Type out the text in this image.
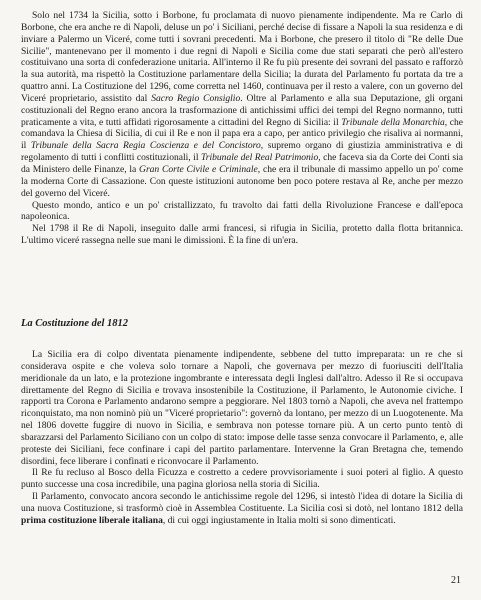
Solo nel 1734 la Sicilia, sotto i Borbone, fu proclamata di nuovo pienamente indipendente. Ma re Carlo di Borbone, che era anche re di Napoli, deluse un po' i Siciliani, perché decise di fissare a Napoli la sua residenza e di inviare a Palermo un Viceré, come tutti i sovrani precedenti. Ma i Borbone, che presero il titolo di "Re delle Due Sicilie", mantenevano per il momento i due regni di Napoli e Sicilia come due stati separati che però all'estero costituivano una sorta di confederazione unitaria. All'interno il Re fu più presente dei sovrani del passato e rafforzò la sua autorità, ma rispettò la Costituzione parlamentare della Sicilia; la durata del Parlamento fu portata da tre a quattro anni. La Costituzione del 1296, come corretta nel 1460, continuava per il resto a valere, con un governo del Viceré proprietario, assistito dal Sacro Regio Consiglio. Oltre al Parlamento e alla sua Deputazione, gli organi costituzionali del Regno erano ancora la trasformazione di antichissimi uffici dei tempi del Regno normanno, tutti praticamente a vita, e tutti affidati rigorosamente a cittadini del Regno di Sicilia: il Tribunale della Monarchia, che comandava la Chiesa di Sicilia, di cui il Re e non il papa era a capo, per antico privilegio che risaliva ai normanni, il Tribunale della Sacra Regia Coscienza e del Concistoro, supremo organo di giustizia amministrativa e di regolamento di tutti i conflitti costituzionali, il Tribunale del Real Patrimonio, che faceva sia da Corte dei Conti sia da Ministero delle Finanze, la Gran Corte Civile e Criminale, che era il tribunale di massimo appello un po' come la moderna Corte di Cassazione. Con queste istituzioni autonome ben poco potere restava al Re, anche per mezzo del governo del Viceré.

Questo mondo, antico e un po' cristallizzato, fu travolto dai fatti della Rivoluzione Francese e dall'epoca napoleonica.

Nel 1798 il Re di Napoli, inseguito dalle armi francesi, si rifugia in Sicilia, protetto dalla flotta britannica. L'ultimo viceré rassegna nelle sue mani le dimissioni. È la fine di un'era.

La Costituzione del 1812

La Sicilia era di colpo diventata pienamente indipendente, sebbene del tutto impreparata: un re che si considerava ospite e che voleva solo tornare a Napoli, che governava per mezzo di fuoriusciti dell'Italia meridionale da un lato, e la protezione ingombrante e interessata degli Inglesi dall'altro. Adesso il Re si occupava direttamente del Regno di Sicilia e trovava insostenibile la Costituzione, il Parlamento, le Autonomie civiche. I rapporti tra Corona e Parlamento andarono sempre a peggiorare. Nel 1803 tornò a Napoli, che aveva nel frattempo riconquistato, ma non nominò più un "Viceré proprietario": governò da lontano, per mezzo di un Luogotenente. Ma nel 1806 dovette fuggire di nuovo in Sicilia, e sembrava non potesse tornare più. A un certo punto tentò di sbarazzarsi del Parlamento Siciliano con un colpo di stato: impose delle tasse senza convocare il Parlamento, e, alle proteste dei Siciliani, fece confinare i capi del partito parlamentare. Intervenne la Gran Bretagna che, temendo disordini, fece liberare i confinati e riconvocare il Parlamento.

Il Re fu recluso al Bosco della Ficuzza e costretto a cedere provvisoriamente i suoi poteri al figlio. A questo punto successe una cosa incredibile, una pagina gloriosa nella storia di Sicilia.

Il Parlamento, convocato ancora secondo le antichissime regole del 1296, si intestò l'idea di dotare la Sicilia di una nuova Costituzione, si trasformò cioè in Assemblea Costituente. La Sicilia così si dotò, nel lontano 1812 della prima costituzione liberale italiana, di cui oggi ingiustamente in Italia molti si sono dimenticati.

21
